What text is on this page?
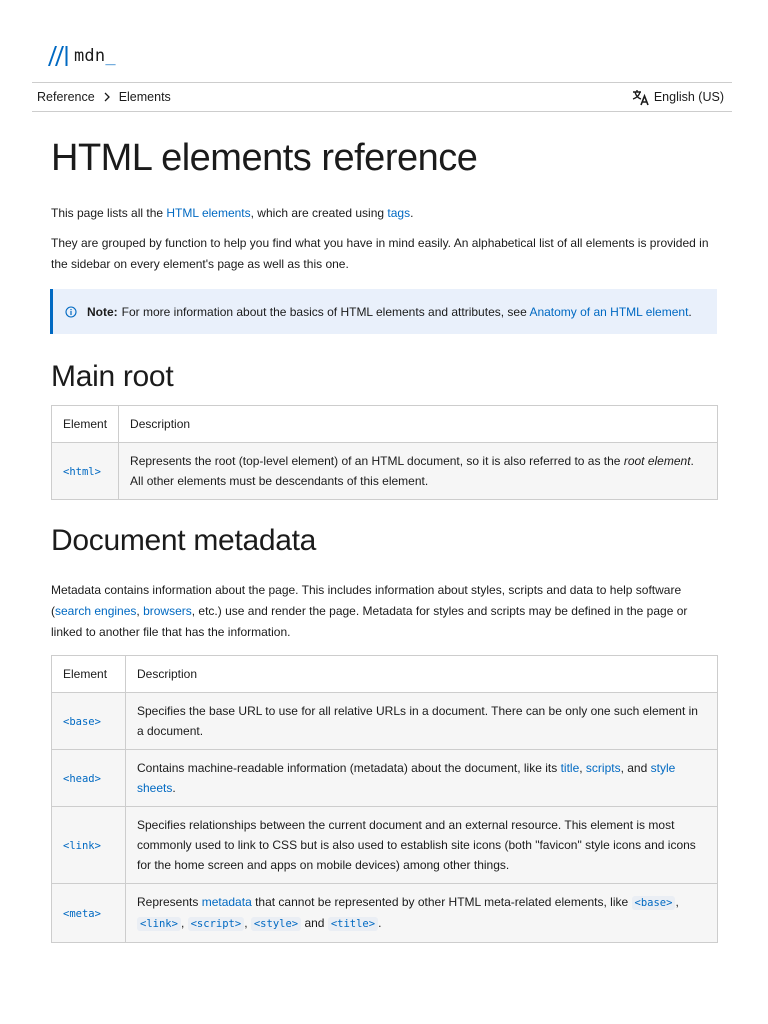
mdn _
Reference Elements	English (US)
HTML elements reference

This page lists all the HTML elements, which are created using tags.

They are grouped by function to help you find what you have in mind easily. An alphabetical list of all elements is provided in the sidebar on every element's page as well as this one.

Note: For more information about the basics of HTML elements and attributes, see Anatomy of an HTML element.
Main root
Element	Description
<html>	Represents the root (top-level element) of an HTML document, so it is also referred to as the root element. All other elements must be descendants of this element.
Document metadata

Metadata contains information about the page. This includes information about styles, scripts and data to help software (search engines, browsers, etc.) use and render the page. Metadata for styles and scripts may be defined in the page or linked to another file that has the information.

Element	Description
<base>	Specifies the base URL to use for all relative URLs in a document. There can be only one such element in a document.
<head>	Contains machine-readable information (metadata) about the document, like its title, scripts, and style sheets.
<link>	Specifies relationships between the current document and an external resource. This element is most commonly used to link to CSS but is also used to establish site icons (both "favicon" style icons and icons for the home screen and apps on mobile devices) among other things.
<meta>	Represents metadata that cannot be represented by other HTML meta-related elements, like <base> , <link> , <script> , <style> and <title> .
